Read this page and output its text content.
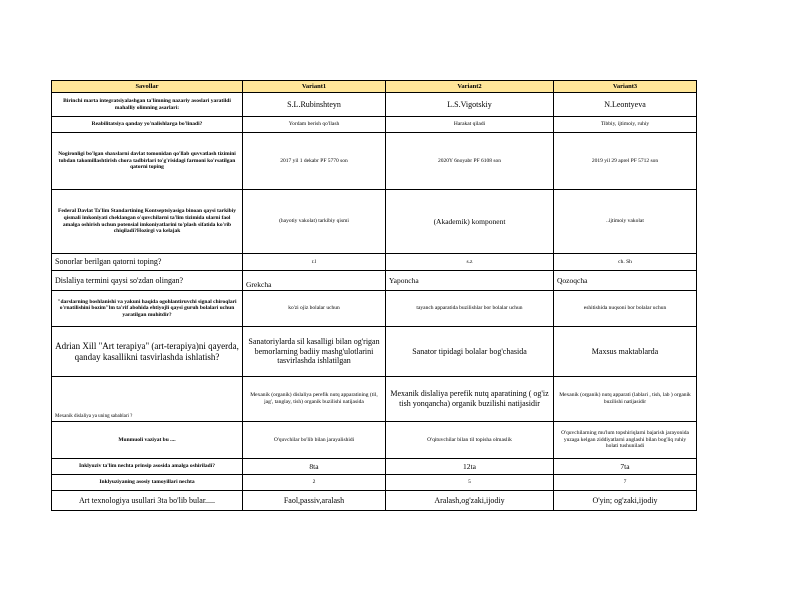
Savollar	Variant1	Variant2	Variant3
Birinchi marta integratsiyalashgan ta'limning nazariy asoslari yaratildi mahalliy olimning asarlari:	S.L.Rubinshteyn	L.S.Vigotskiy	N.Leontyeva
Reabilitatsiya qanday yo'nalishlarga bo'linadi?	Yordam berish qo'llash	Harakat qiladi	Tibbiy, ijtimoiy, ruhiy
Nogironligi bo'lgan shaxslarni davlat tomonidan qo'llab quvvatlash tizimini tubdan takomillashtirish chora tadbirlari to'g'risidagi farmoni ko'rsatilgan qatorni toping	2017 yil 1 dekabr PF 5770 son	2020Y 6noyabr PF 6108 son	2019 yil 29 aprel PF 5712 son
Federal Davlat Ta'lim Standartining Kontseptsiyasiga binoan qaysi tarkibiy qismali imkoniyati cheklangan o'quvchilarni ta'lim tizimida ularni faol amalga oshirish uchun potensial imkoniyatlarini to'plash sifatida ko'rib chiqiladi?Hozirgi va kelajak	(hayotiy vakolat) tarkibiy qismi	(Akademik) komponent	..ijtimoiy vakolat
Sonorlar berilgan qatorni toping?	r.l	s.z	ch. Sh
Dislaliya termini qaysi so'zdan olingan?	Grekcha	Yaponcha	Qozoqcha
"darslarning boshlanishi va yakuni haqida ogohlantiruvchi signal chiroqlari o'rnatilishini bozim"lm ta'rif abohida ehtiyojli qaysi guruh bolalari uchun yaratilgan muhitdir?	ko'zi ojiz bolalar uchun	tayanch apparatida buzilishlar bor bolalar uchun	eshitishida nuqsoni bor bolalar uchun
Adrian Xill "Art terapiya" (art-terapiya)ni qayerda, qanday kasallikni tasvirlashda ishlatish?	Sanatoriylarda sil kasalligi bilan og'rigan bemorlarning badiiy mashg'ulotlarini tasvirlashda ishlatilgan	Sanator tipidagi bolalar bog'chasida	Maxsus maktablarda
Mexanik dislaliya ya uning sabablari ?	Mexanik (organik) dislaliya perefik nutq apparatining (til, jag', tanglay, tish) organik buzilishi natijasida	Mexanik dislaliya perefik nutq aparatining ( og'iz tish yonqancha) organik buzilishi natijasidir	Mexanik (organik) nutq apparati (lablari , tish, lab ) organik buzilishi natijasidir
Munmuoli vaziyat bu ....	O'quvchilar bo'lib bilan jarayalishidi	O'qituvchilar bilan til topisha olmaslik	O'quvchilarning mu'lum topshiriqlarni bajarish jarayonida yuzaga kelgan ziddiyatlarni anglashi bilan bog'liq ruhiy holati tushuniladi
Inklyuziv ta'lim nechta prinsip asosida amalga oshiriladi?	8ta	12ta	7ta
Inklyuziyaning asosiy tamoyillari nechta	2	5	7
Art texnologiya usullari 3ta bo'lib bular.....	Faol,passiv,aralash	Aralash,og'zaki,ijodiy	O'yin; og'zaki,ijodiy
